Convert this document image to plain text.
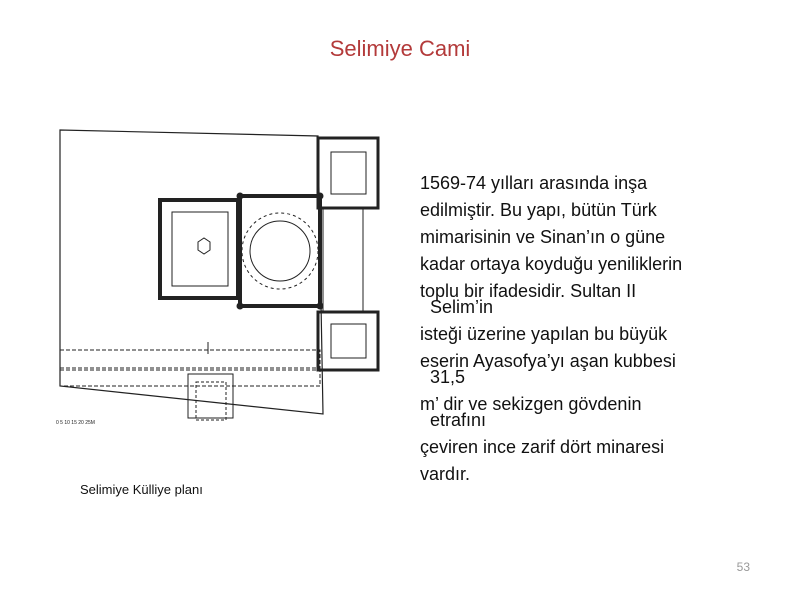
Selimiye Cami
0 5 10 15 20 25M
Selimiye Külliye planı
1569-74 yılları arasında inşa
edilmiştir. Bu yapı, bütün Türk
mimarisinin ve Sinan’ın o güne
kadar ortaya koyduğu yeniliklerin
toplu bir ifadesidir. Sultan II
Selim’in
isteği üzerine yapılan bu büyük
eserin Ayasofya’yı aşan kubbesi
31,5
m’ dir ve sekizgen gövdenin
etrafını
çeviren ince zarif dört minaresi
vardır.
53
